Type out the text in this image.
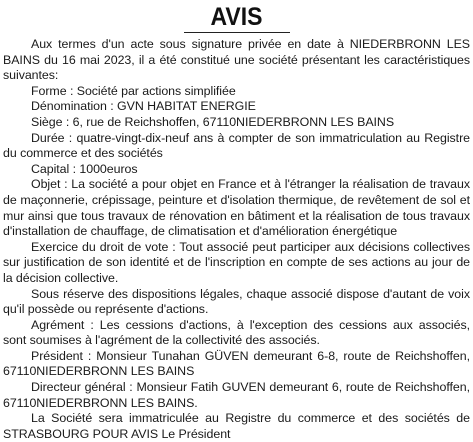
AVIS

Aux termes d'un acte sous signature privée en date à NIEDERBRONN LES BAINS du 16 mai 2023, il a été constitué une société présentant les caractéristiques suivantes:

Forme : Société par actions simplifiée

Dénomination : GVN HABITAT ENERGIE

Siège : 6, rue de Reichshoffen, 67110NIEDERBRONN LES BAINS

Durée : quatre-vingt-dix-neuf ans à compter de son immatriculation au Registre du commerce et des sociétés

Capital : 1000euros

Objet : La société a pour objet en France et à l'étranger la réalisation de travaux de maçonnerie, crépissage, peinture et d'isolation thermique, de revêtement de sol et mur ainsi que tous travaux de rénovation en bâtiment et la réalisation de tous travaux d'installation de chauffage, de climatisation et d'amélioration énergétique

Exercice du droit de vote : Tout associé peut participer aux décisions collectives sur justification de son identité et de l'inscription en compte de ses actions au jour de la décision collective.

Sous réserve des dispositions légales, chaque associé dispose d'autant de voix qu'il possède ou représente d'actions.

Agrément : Les cessions d'actions, à l'exception des cessions aux associés, sont soumises à l'agrément de la collectivité des associés.

Président : Monsieur Tunahan GÜVEN demeurant 6-8, route de Reichshoffen, 67110NIEDERBRONN LES BAINS

Directeur général : Monsieur Fatih GUVEN demeurant 6, route de Reichshoffen, 67110NIEDERBRONN LES BAINS.

La Société sera immatriculée au Registre du commerce et des sociétés de STRASBOURG POUR AVIS Le Président
